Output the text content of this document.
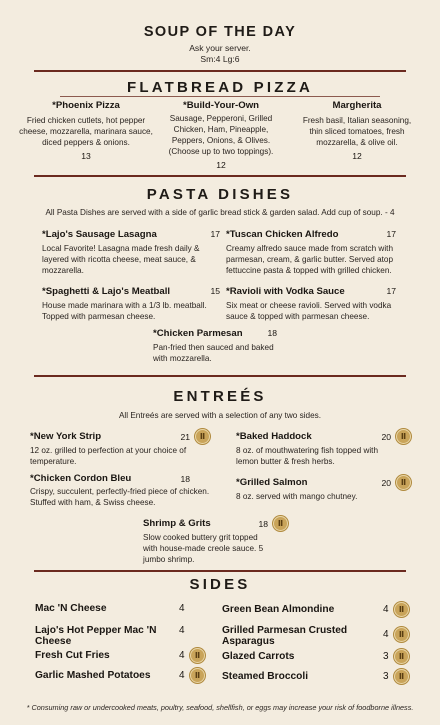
SOUP OF THE DAY
Ask your server.
Sm:4 Lg:6
FLATBREAD PIZZA
*Phoenix Pizza
Fried chicken cutlets, hot pepper cheese, mozzarella, marinara sauce, diced peppers & onions.
13
*Build-Your-Own
Sausage, Pepperoni, Grilled Chicken, Ham, Pineapple, Peppers, Onions, & Olives. (Choose up to two toppings).
12
Margherita
Fresh basil, Italian seasoning, thin sliced tomatoes, fresh mozzarella, & olive oil.
12
PASTA DISHES
All Pasta Dishes are served with a side of garlic bread stick & garden salad. Add cup of soup. - 4
*Lajo's Sausage Lasagna	17
Local Favorite! Lasagna made fresh daily & layered with ricotta cheese, meat sauce, & mozzarella.
*Tuscan Chicken Alfredo	17
Creamy alfredo sauce made from scratch with parmesan, cream, & garlic butter. Served atop fettuccine pasta & topped with grilled chicken.
*Spaghetti & Lajo's Meatball	15
House made marinara with a 1/3 lb. meatball. Topped with parmesan cheese.
*Ravioli with Vodka Sauce	17
Six meat or cheese ravioli. Served with vodka sauce & topped with parmesan cheese.
*Chicken Parmesan	18
Pan-fried then sauced and baked with mozzarella.
ENTREÉS
All Entreés are served with a selection of any two sides.
*New York Strip	21
Ⅱ
12 oz. grilled to perfection at your choice of temperature.
*Baked Haddock	20
Ⅱ
8 oz. of mouthwatering fish topped with lemon butter & fresh herbs.
*Chicken Cordon Bleu	18
Crispy, succulent, perfectly-fried piece of chicken. Stuffed with ham, & Swiss cheese.
*Grilled Salmon	20
Ⅱ
8 oz. served with mango chutney.
Shrimp & Grits	18
Ⅱ
Slow cooked buttery grit topped with house-made creole sauce. 5 jumbo shrimp.
SIDES
Mac 'N Cheese	4
Lajo's Hot Pepper Mac 'N Cheese
4
Fresh Cut Fries	4
Ⅱ
Garlic Mashed Potatoes	4
Ⅱ
Green Bean Almondine	4
Ⅱ
Grilled Parmesan Crusted Asparagus
4
Ⅱ
Glazed Carrots	3
Ⅱ
Steamed Broccoli	3
Ⅱ
* Consuming raw or undercooked meats, poultry, seafood, shellfish, or eggs may increase your risk of foodborne illness.
